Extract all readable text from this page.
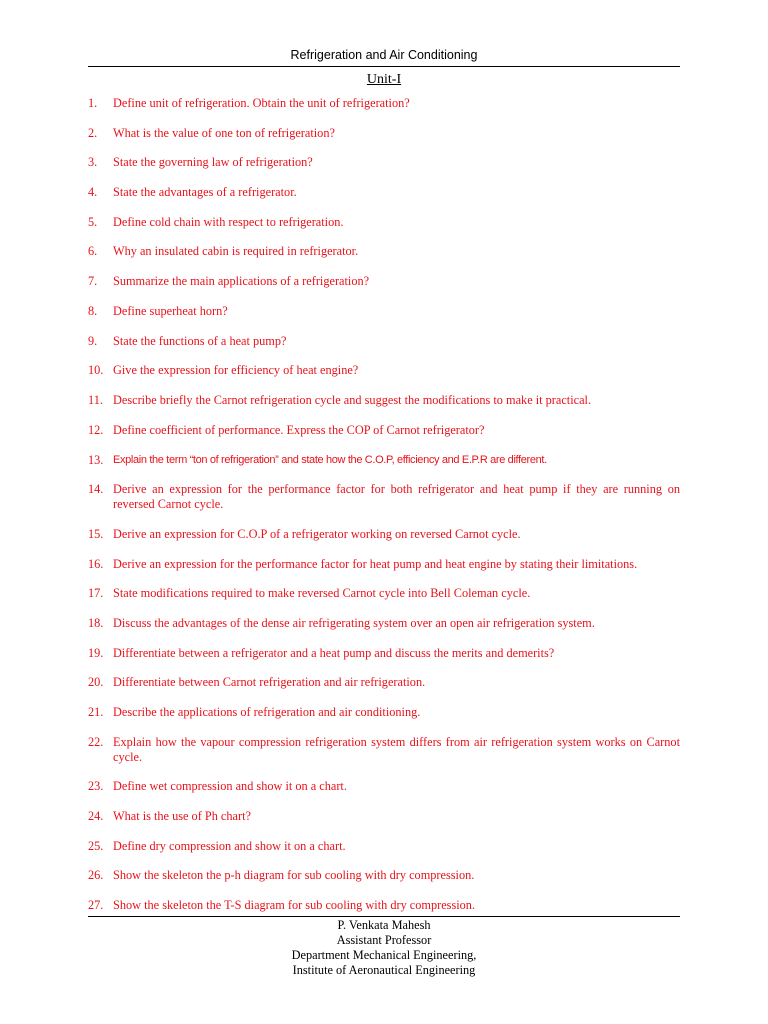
Refrigeration and Air Conditioning
Unit-I
1.	Define unit of refrigeration. Obtain the unit of refrigeration?
2.	What is the value of one ton of refrigeration?
3.	State the governing law of refrigeration?
4.	State the advantages of a refrigerator.
5.	Define cold chain with respect to refrigeration.
6.	Why an insulated cabin is required in refrigerator.
7.	Summarize the main applications of a refrigeration?
8.	Define superheat horn?
9.	State the functions of a heat pump?
10. Give the expression for efficiency of heat engine?
11. Describe briefly the Carnot refrigeration cycle and suggest the modifications to make it practical.
12. Define coefficient of performance. Express the COP of Carnot refrigerator?
13. Explain the term “ton of refrigeration” and state how the C.O.P, efficiency and E.P.R are different.
14. Derive an expression for the performance factor for both refrigerator and heat pump if they are running on reversed Carnot cycle.
15. Derive an expression for C.O.P of a refrigerator working on reversed Carnot cycle.
16. Derive an expression for the performance factor for heat pump and heat engine by stating their limitations.
17. State modifications required to make reversed Carnot cycle into Bell Coleman cycle.
18. Discuss the advantages of the dense air refrigerating system over an open air refrigeration system.
19. Differentiate between a refrigerator and a heat pump and discuss the merits and demerits?
20. Differentiate between Carnot refrigeration and air refrigeration.
21. Describe the applications of refrigeration and air conditioning.
22. Explain how the vapour compression refrigeration system differs from air refrigeration system works on Carnot cycle.
23. Define wet compression and show it on a chart.
24. What is the use of Ph chart?
25. Define dry compression and show it on a chart.
26. Show the skeleton the p-h diagram for sub cooling with dry compression.
27. Show the skeleton the T-S diagram for sub cooling with dry compression.
P. Venkata Mahesh
Assistant Professor
Department Mechanical Engineering,
Institute of Aeronautical Engineering
